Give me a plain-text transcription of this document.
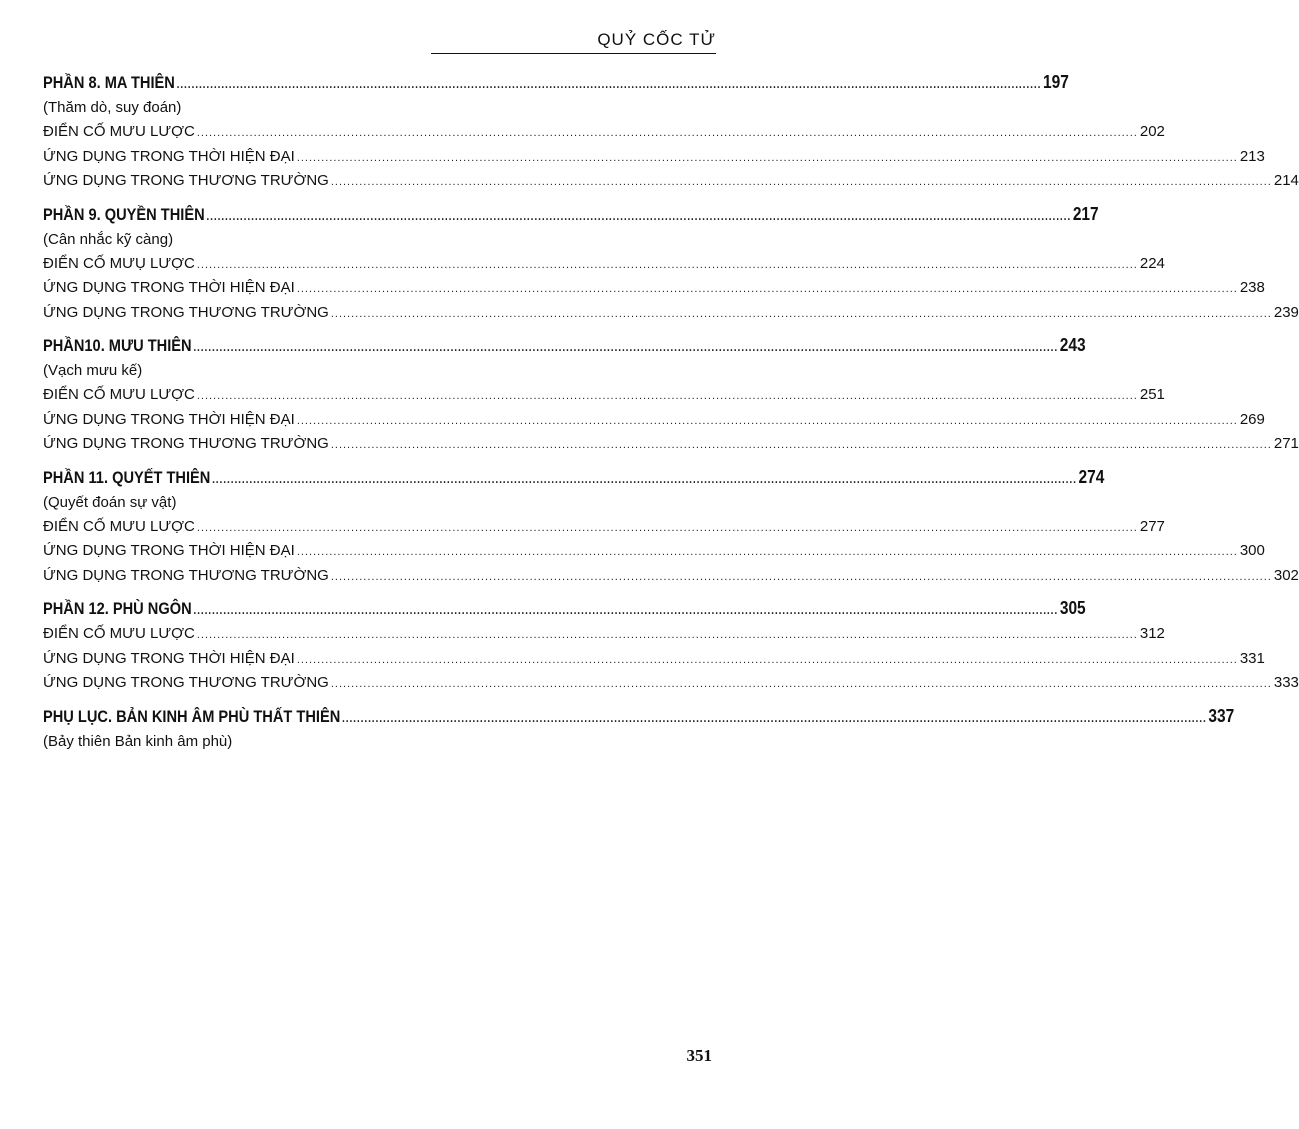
QUỶ CỐC TỬ
PHẦN 8. MA THIÊN ........................................................................................................................................................................................................................................ 197
(Thăm dò, suy đoán)
ĐIỂN CỐ MƯU LƯỢC ........................................................................................................................................................................................................................................ 202
ỨNG DỤNG TRONG THỜI HIỆN ĐẠI ........................................................................................................................................................................................................................................ 213
ỨNG DỤNG TRONG THƯƠNG TRƯỜNG ........................................................................................................................................................................................................................................ 214
PHẦN 9. QUYỀN THIÊN ........................................................................................................................................................................................................................................ 217
(Cân nhắc kỹ càng)
ĐIỂN CỐ MƯỤ LƯỢC ........................................................................................................................................................................................................................................ 224
ỨNG DỤNG TRONG THỜI HIỆN ĐẠI ........................................................................................................................................................................................................................................ 238
ỨNG DỤNG TRONG THƯƠNG TRƯỜNG ........................................................................................................................................................................................................................................ 239
PHẦN10. MƯU THIÊN ........................................................................................................................................................................................................................................ 243
(Vạch mưu kế)
ĐIỂN CỐ MƯU LƯỢC ........................................................................................................................................................................................................................................ 251
ỨNG DỤNG TRONG THỜI HIỆN ĐẠI ........................................................................................................................................................................................................................................ 269
ỨNG DỤNG TRONG THƯƠNG TRƯỜNG ........................................................................................................................................................................................................................................ 271
PHẦN 11. QUYẾT THIÊN ........................................................................................................................................................................................................................................ 274
(Quyết đoán sự vật)
ĐIỂN CỐ MƯU LƯỢC ........................................................................................................................................................................................................................................ 277
ỨNG DỤNG TRONG THỜI HIỆN ĐẠI ........................................................................................................................................................................................................................................ 300
ỨNG DỤNG TRONG THƯƠNG TRƯỜNG ........................................................................................................................................................................................................................................ 302
PHẦN 12. PHÙ NGÔN ........................................................................................................................................................................................................................................ 305
ĐIỂN CỐ MƯU LƯỢC ........................................................................................................................................................................................................................................ 312
ỨNG DỤNG TRONG THỜI HIỆN ĐẠI ........................................................................................................................................................................................................................................ 331
ỨNG DỤNG TRONG THƯƠNG TRƯỜNG ........................................................................................................................................................................................................................................ 333
PHỤ LỤC. BẢN KINH ÂM PHÙ THẤT THIÊN ........................................................................................................................................................................................................................................ 337
(Bảy thiên Bản kinh âm phù)
351
